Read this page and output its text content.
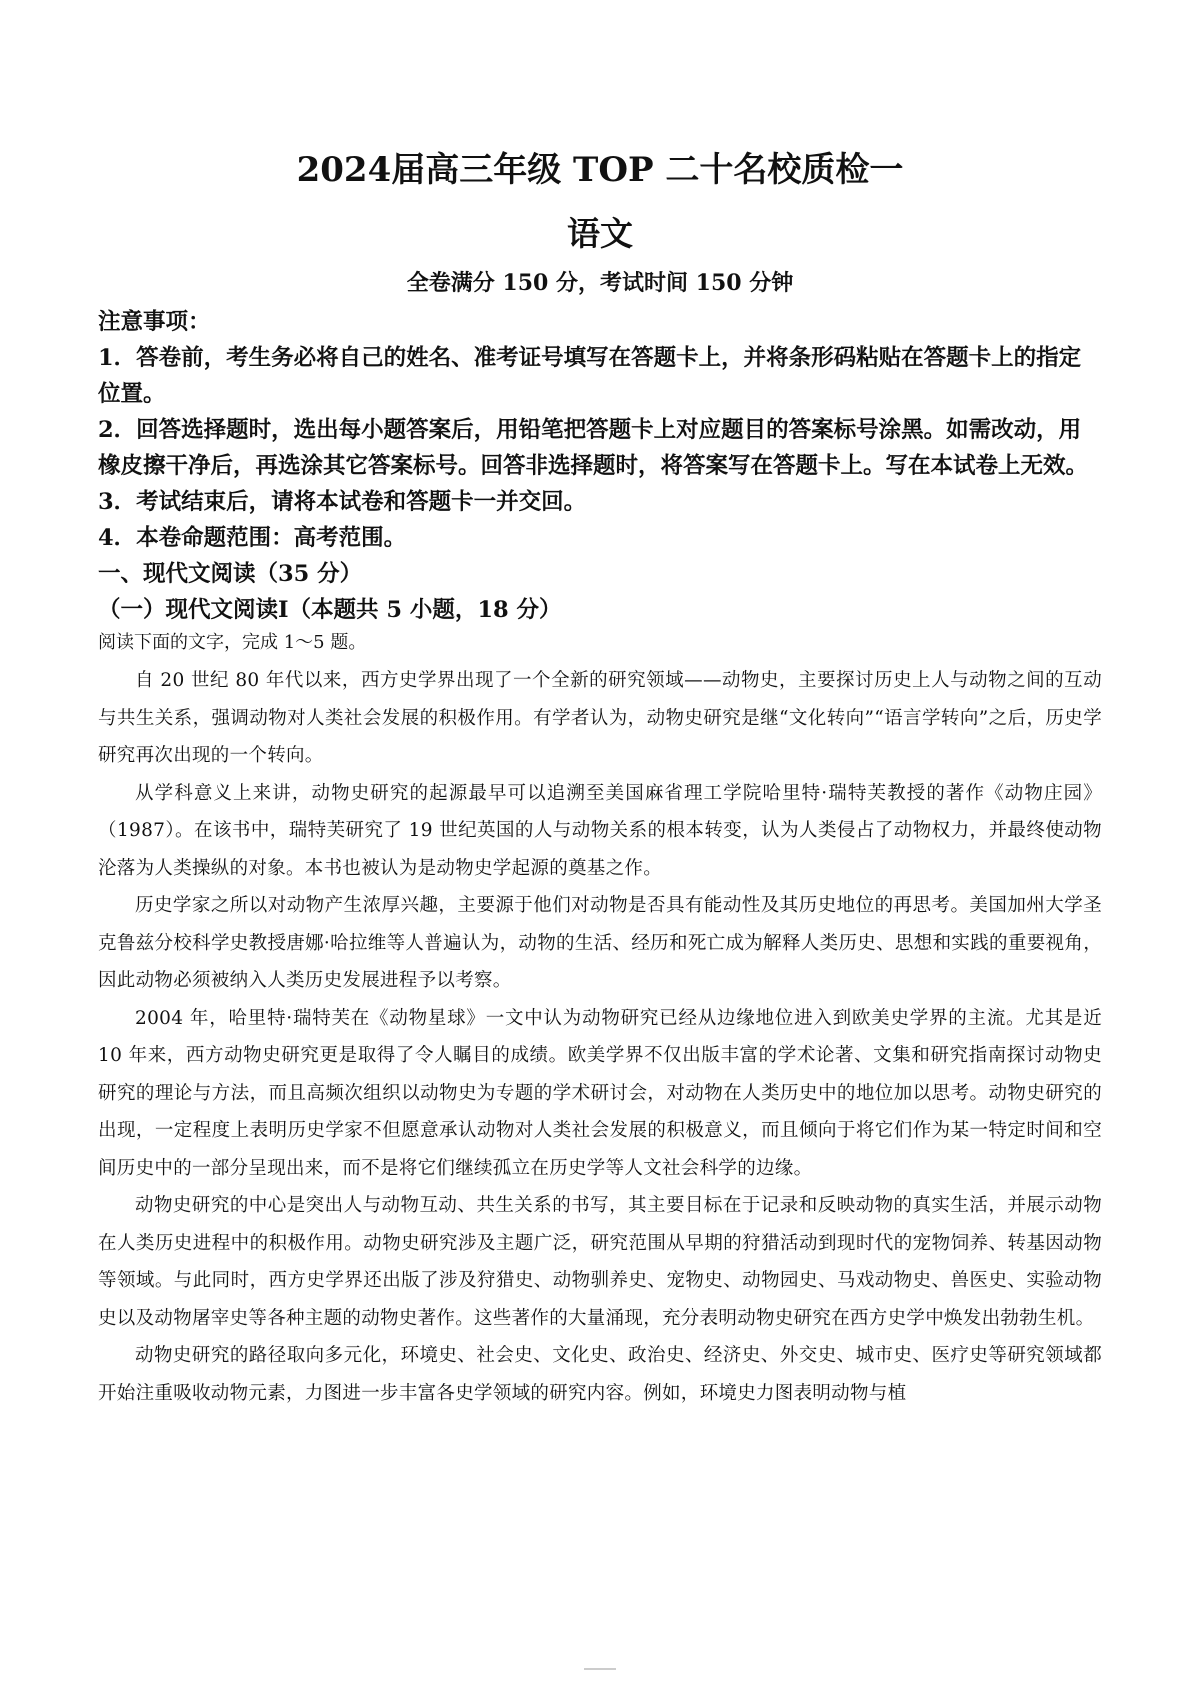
2024届高三年级 TOP 二十名校质检一
语文
全卷满分 150 分，考试时间 150 分钟

注意事项：

1．答卷前，考生务必将自己的姓名、准考证号填写在答题卡上，并将条形码粘贴在答题卡上的指定位置。

2．回答选择题时，选出每小题答案后，用铅笔把答题卡上对应题目的答案标号涂黑。如需改动，用橡皮擦干净后，再选涂其它答案标号。回答非选择题时，将答案写在答题卡上。写在本试卷上无效。

3．考试结束后，请将本试卷和答题卡一并交回。

4．本卷命题范围：高考范围。

一、现代文阅读（35 分）

（一）现代文阅读Ⅰ（本题共 5 小题，18 分）

阅读下面的文字，完成 1～5 题。

自 20 世纪 80 年代以来，西方史学界出现了一个全新的研究领域——动物史，主要探讨历史上人与动物之间的互动与共生关系，强调动物对人类社会发展的积极作用。有学者认为，动物史研究是继“文化转向”“语言学转向”之后，历史学研究再次出现的一个转向。

从学科意义上来讲，动物史研究的起源最早可以追溯至美国麻省理工学院哈里特·瑞特芙教授的著作《动物庄园》（1987）。在该书中，瑞特芙研究了 19 世纪英国的人与动物关系的根本转变，认为人类侵占了动物权力，并最终使动物沦落为人类操纵的对象。本书也被认为是动物史学起源的奠基之作。

历史学家之所以对动物产生浓厚兴趣，主要源于他们对动物是否具有能动性及其历史地位的再思考。美国加州大学圣克鲁兹分校科学史教授唐娜·哈拉维等人普遍认为，动物的生活、经历和死亡成为解释人类历史、思想和实践的重要视角，因此动物必须被纳入人类历史发展进程予以考察。

2004 年，哈里特·瑞特芙在《动物星球》一文中认为动物研究已经从边缘地位进入到欧美史学界的主流。尤其是近 10 年来，西方动物史研究更是取得了令人瞩目的成绩。欧美学界不仅出版丰富的学术论著、文集和研究指南探讨动物史研究的理论与方法，而且高频次组织以动物史为专题的学术研讨会，对动物在人类历史中的地位加以思考。动物史研究的出现，一定程度上表明历史学家不但愿意承认动物对人类社会发展的积极意义，而且倾向于将它们作为某一特定时间和空间历史中的一部分呈现出来，而不是将它们继续孤立在历史学等人文社会科学的边缘。

动物史研究的中心是突出人与动物互动、共生关系的书写，其主要目标在于记录和反映动物的真实生活，并展示动物在人类历史进程中的积极作用。动物史研究涉及主题广泛，研究范围从早期的狩猎活动到现时代的宠物饲养、转基因动物等领域。与此同时，西方史学界还出版了涉及狩猎史、动物驯养史、宠物史、动物园史、马戏动物史、兽医史、实验动物史以及动物屠宰史等各种主题的动物史著作。这些著作的大量涌现，充分表明动物史研究在西方史学中焕发出勃勃生机。

动物史研究的路径取向多元化，环境史、社会史、文化史、政治史、经济史、外交史、城市史、医疗史等研究领域都开始注重吸收动物元素，力图进一步丰富各史学领域的研究内容。例如，环境史力图表明动物与植
